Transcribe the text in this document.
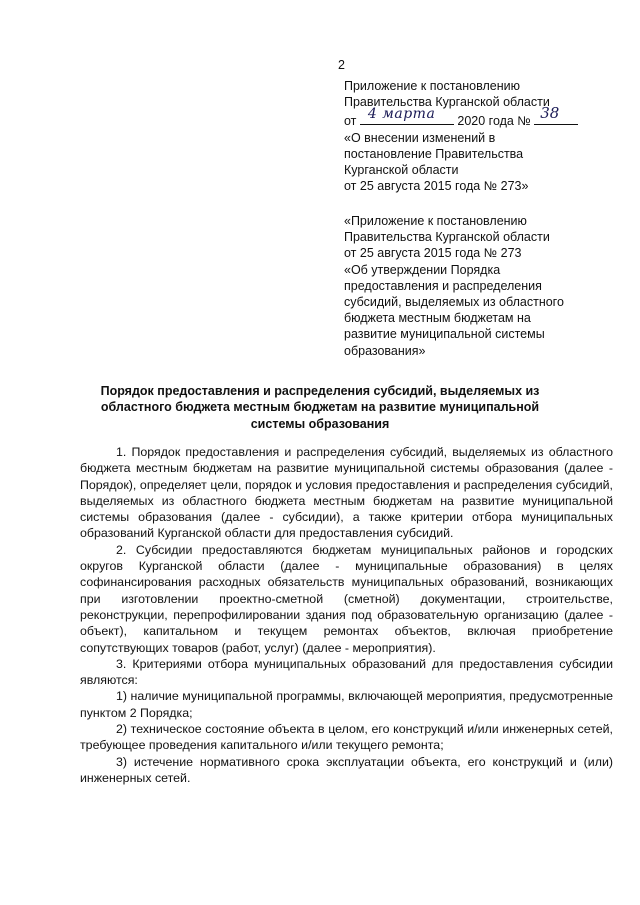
2
Приложение к постановлению
Правительства Курганской области
от 4 марта 2020 года № 38
«О внесении изменений в
постановление Правительства
Курганской области
от 25 августа 2015 года № 273»
«Приложение к постановлению
Правительства Курганской области
от 25 августа 2015 года № 273
«Об утверждении Порядка
предоставления и распределения
субсидий, выделяемых из областного
бюджета местным бюджетам на
развитие муниципальной системы
образования»
Порядок предоставления и распределения субсидий, выделяемых из областного бюджета местным бюджетам на развитие муниципальной системы образования

1. Порядок предоставления и распределения субсидий, выделяемых из областного бюджета местным бюджетам на развитие муниципальной системы образования (далее - Порядок), определяет цели, порядок и условия предоставления и распределения субсидий, выделяемых из областного бюджета местным бюджетам на развитие муниципальной системы образования (далее - субсидии), а также критерии отбора муниципальных образований Курганской области для предоставления субсидий.

2. Субсидии предоставляются бюджетам муниципальных районов и городских округов Курганской области (далее - муниципальные образования) в целях софинансирования расходных обязательств муниципальных образований, возникающих при изготовлении проектно-сметной (сметной) документации, строительстве, реконструкции, перепрофилировании здания под образовательную организацию (далее - объект), капитальном и текущем ремонтах объектов, включая приобретение сопутствующих товаров (работ, услуг) (далее - мероприятия).

3. Критериями отбора муниципальных образований для предоставления субсидии являются:

1) наличие муниципальной программы, включающей мероприятия, предусмотренные пунктом 2 Порядка;

2) техническое состояние объекта в целом, его конструкций и/или инженерных сетей, требующее проведения капитального и/или текущего ремонта;

3) истечение нормативного срока эксплуатации объекта, его конструкций и (или) инженерных сетей.
